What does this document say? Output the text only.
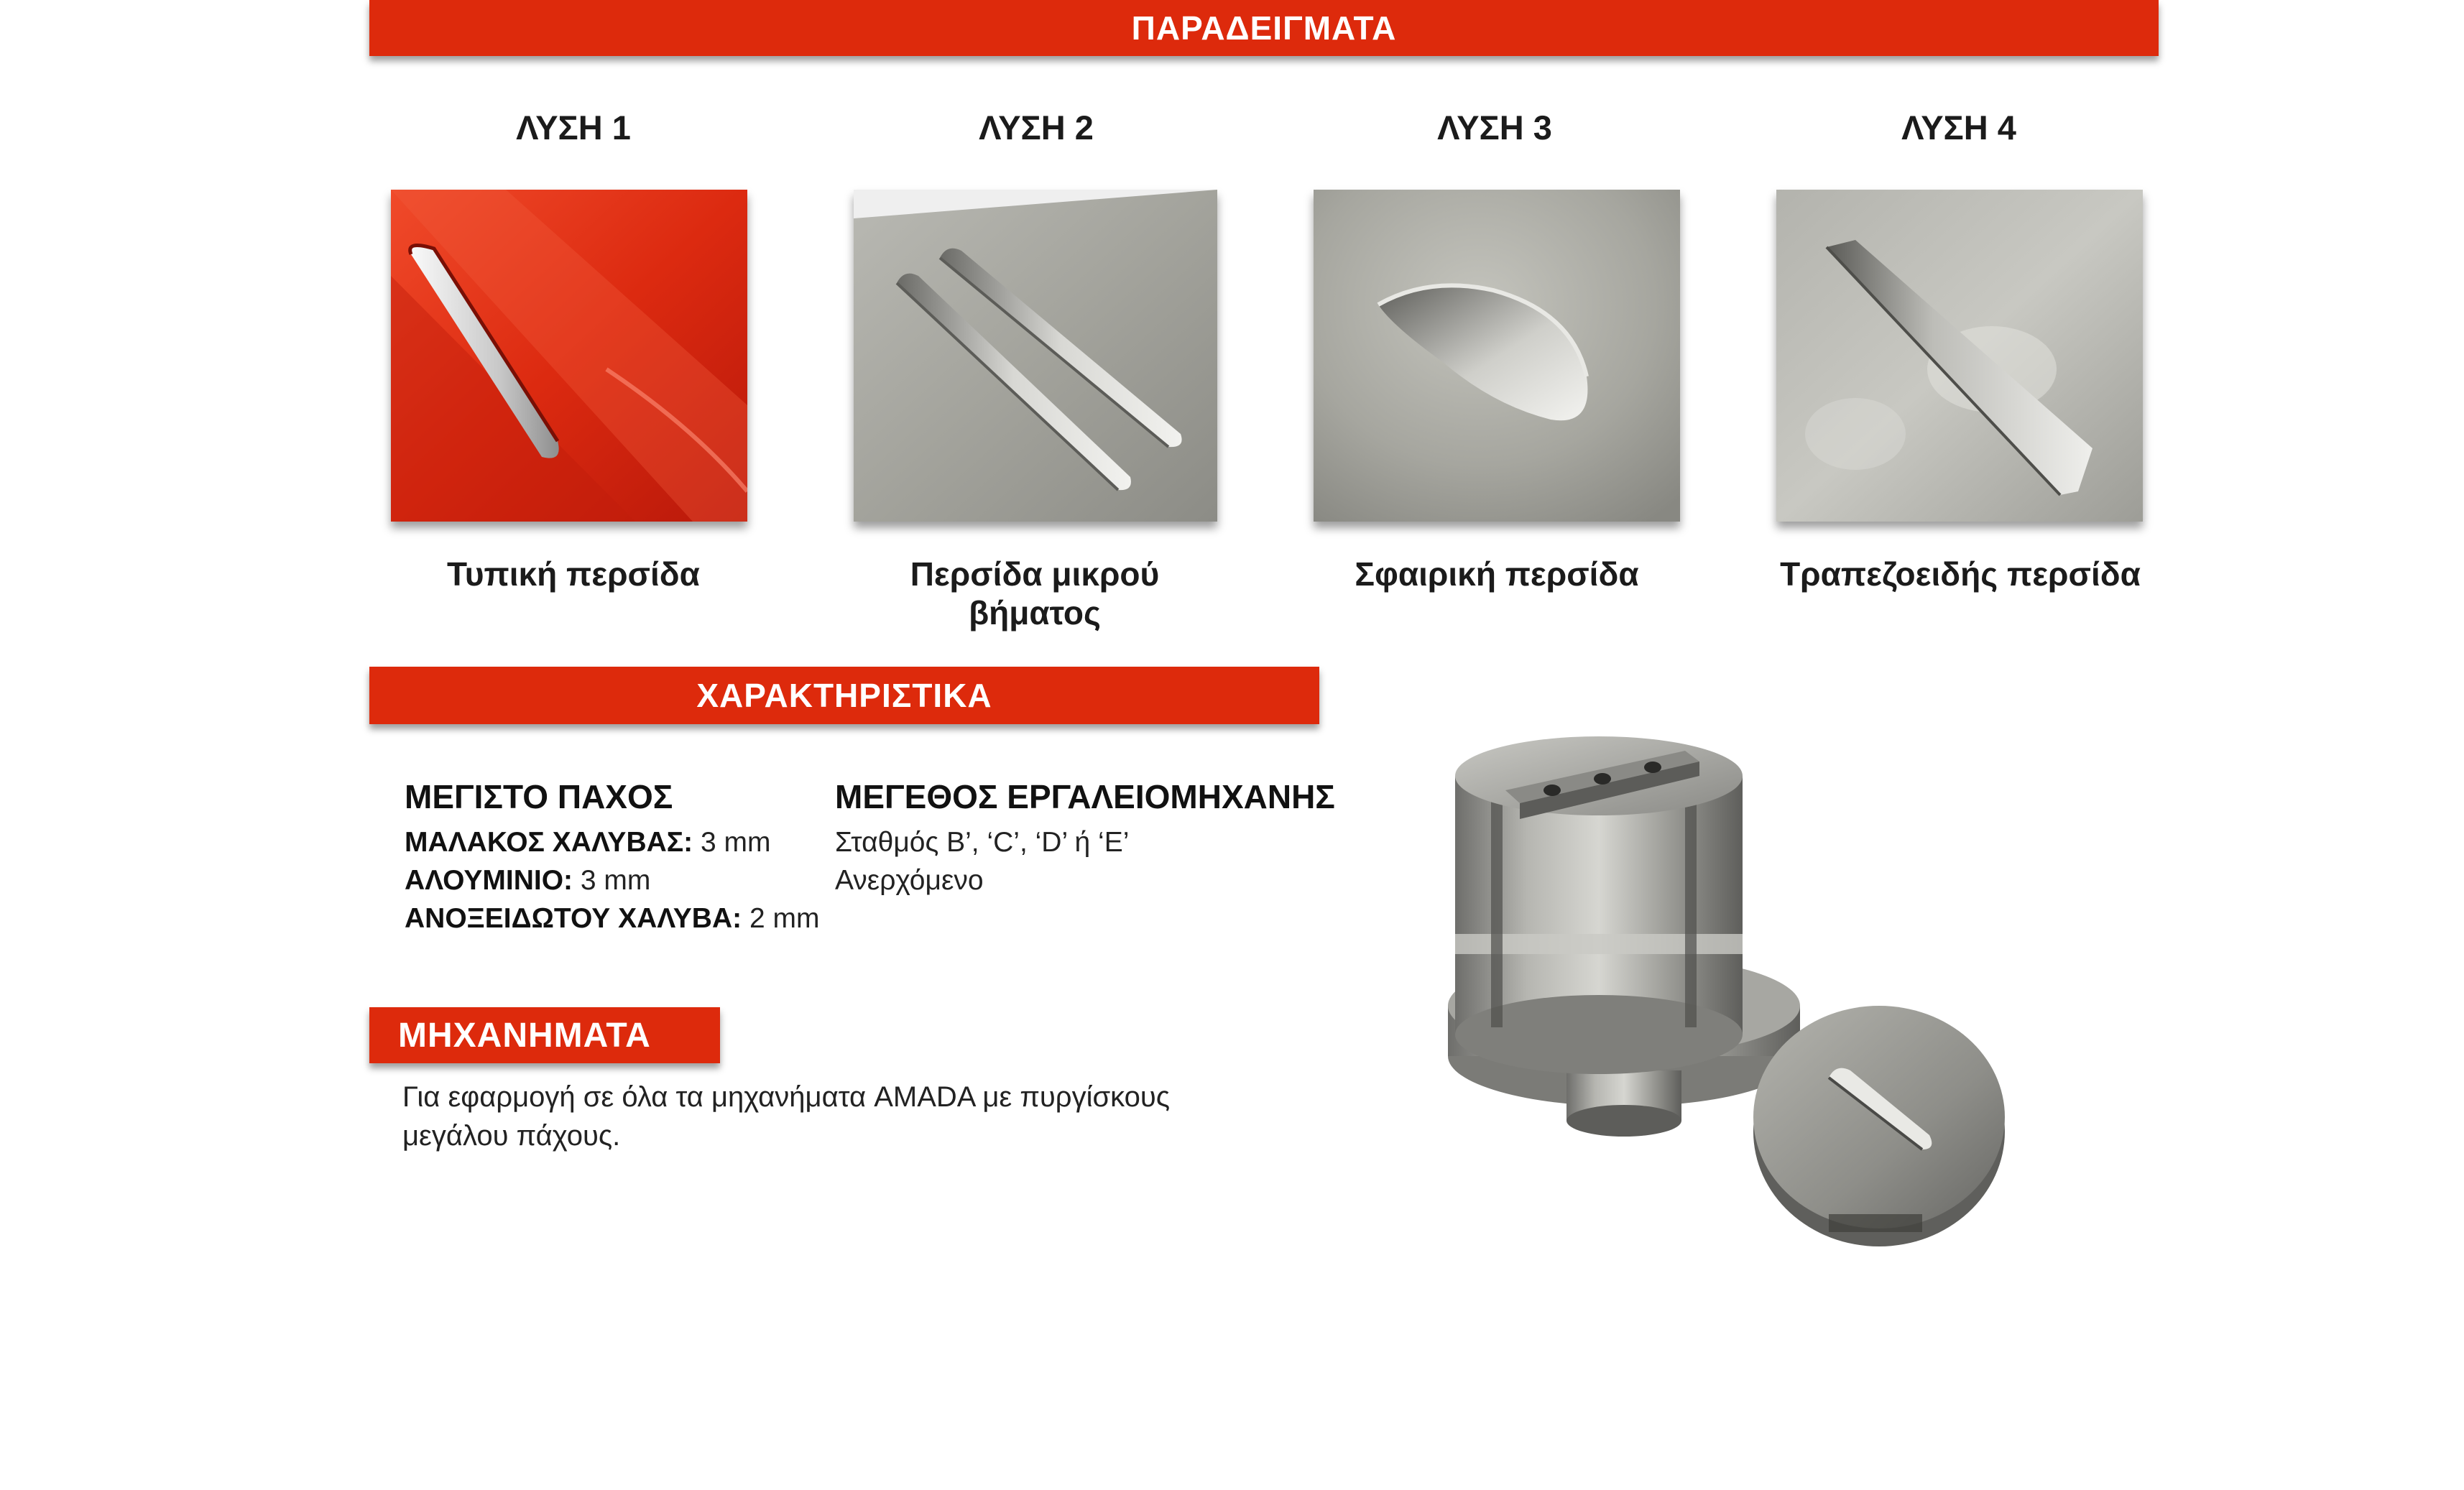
ΠΑΡΑΔΕΙΓΜΑΤΑ
ΛΥΣΗ 1
Τυπική περσίδα
ΛΥΣΗ 2
Περσίδα μικρού
βήματος
ΛΥΣΗ 3
Σφαιρική περσίδα
ΛΥΣΗ 4
Τραπεζοειδής περσίδα
ΧΑΡΑΚΤΗΡΙΣΤΙΚΑ
ΜΕΓΙΣΤΟ ΠΑΧΟΣ
ΜΑΛΑΚΟΣ ΧΑΛΥΒΑΣ: 3 mm
ΑΛΟΥΜΙΝΙΟ: 3 mm
ΑΝΟΞΕΙΔΩΤΟΥ ΧΑΛΥΒΑ: 2 mm
ΜΕΓΕΘΟΣ ΕΡΓΑΛΕΙΟΜΗΧΑΝΗΣ
Σταθμός B’, ‘C’, ‘D’ ή ‘E’
Ανερχόμενο
ΜΗΧΑΝΗΜΑΤΑ
Για εφαρμογή σε όλα τα μηχανήματα AMADA με πυργίσκους
μεγάλου πάχους.
